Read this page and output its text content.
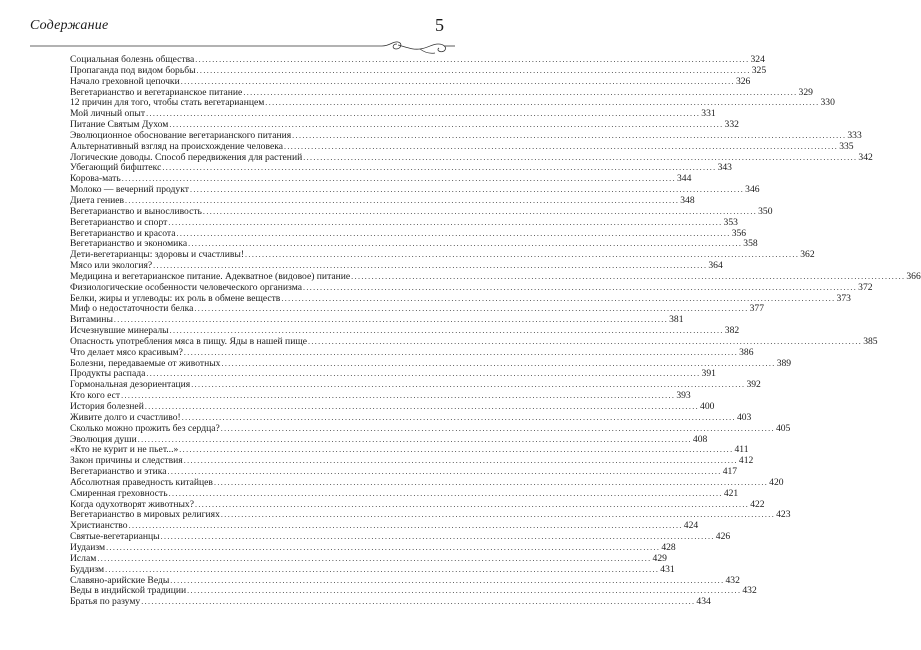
Содержание	5
Социальная болезнь общества .....	324
Пропаганда под видом борьбы .....	325
Начало греховной цепочки .....	326
Вегетарианство и вегетарианское питание .....	329
12 причин для того, чтобы стать вегетарианцем .....	330
Мой личный опыт .....	331
Питание Святым Духом .....	332
Эволюционное обоснование вегетарианского питания .....	333
Альтернативный взгляд на происхождение человека .....	335
Логические доводы. Способ передвижения для растений .....	342
Убегающий бифштекс .....	343
Корова-мать .....	344
Молоко — вечерний продукт .....	346
Диета гениев .....	348
Вегетарианство и выносливость .....	350
Вегетарианство и спорт .....	353
Вегетарианство и красота .....	356
Вегетарианство и экономика .....	358
Дети-вегетарианцы: здоровы и счастливы! .....	362
Мясо или экология? .....	364
Медицина и вегетарианское питание. Адекватное (видовое) питание .....	366
Физиологические особенности человеческого организма .....	372
Белки, жиры и углеводы: их роль в обмене веществ .....	373
Миф о недостаточности белка .....	377
Витамины .....	381
Исчезнувшие минералы .....	382
Опасность употребления мяса в пищу. Яды в нашей пище .....	385
Что делает мясо красивым? .....	386
Болезни, передаваемые от животных .....	389
Продукты распада .....	391
Гормональная дезориентация .....	392
Кто кого ест .....	393
История болезней .....	400
Живите долго и счастливо! .....	403
Сколько можно прожить без сердца? .....	405
Эволюция души .....	408
«Кто не курит и не пьет...» .....	411
Закон причины и следствия .....	412
Вегетарианство и этика .....	417
Абсолютная праведность китайцев .....	420
Смиренная греховность .....	421
Когда одухотворят животных? .....	422
Вегетарианство в мировых религиях .....	423
Христианство .....	424
Святые-вегетарианцы .....	426
Иудаизм .....	428
Ислам .....	429
Буддизм .....	431
Славяно-арийские Веды .....	432
Веды в индийской традиции .....	432
Братья по разуму .....	434
